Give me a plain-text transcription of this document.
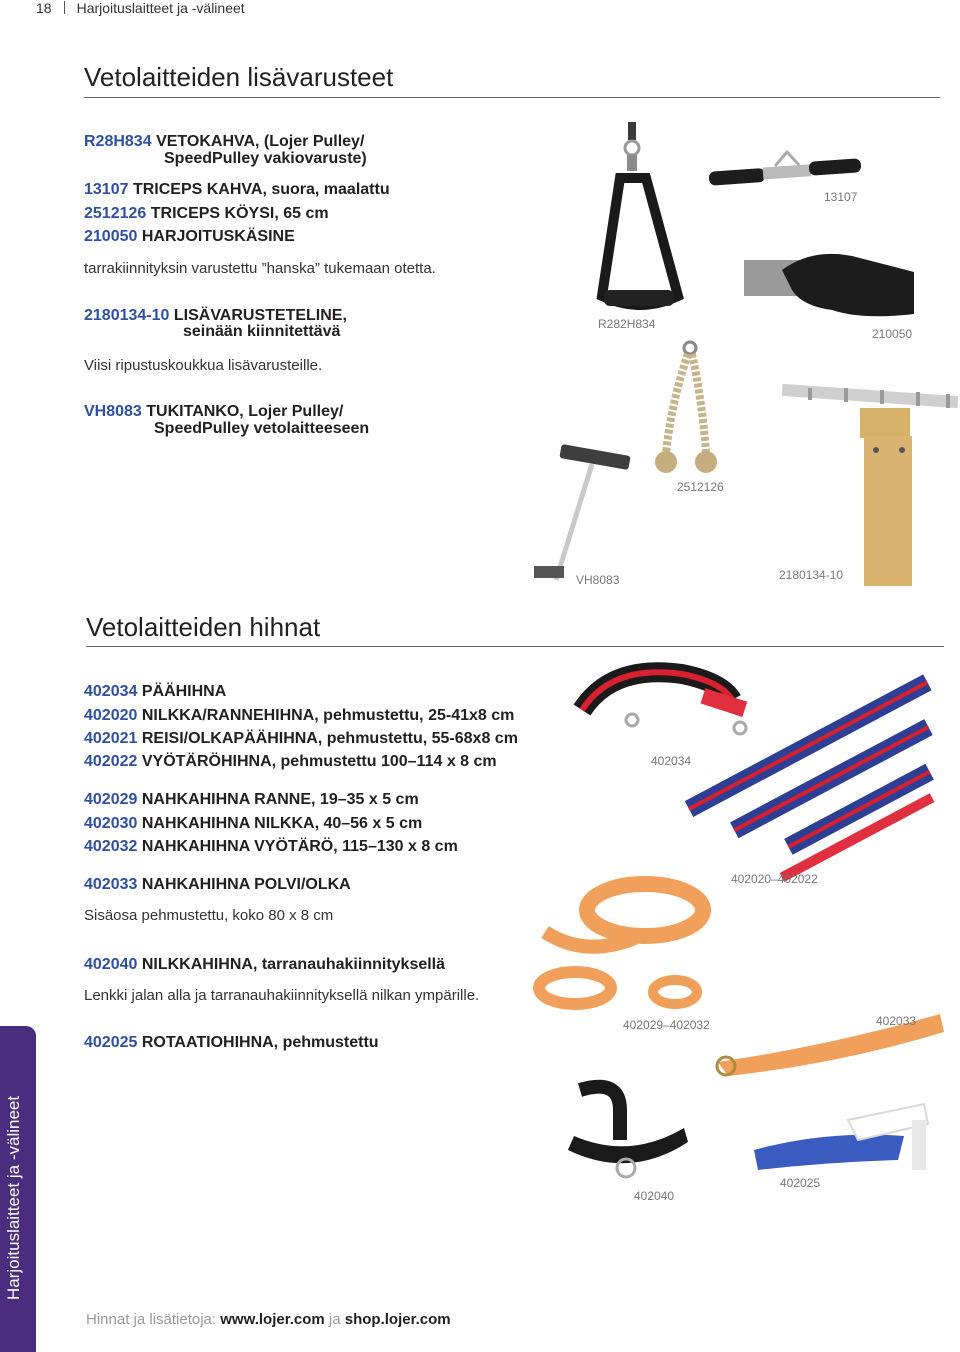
18 Harjoituslaitteet ja -välineet
Vetolaitteiden lisävarusteet
R28H834 VETOKAHVA, (Lojer Pulley/
SpeedPulley vakiovaruste)
13107 TRICEPS KAHVA, suora, maalattu
2512126 TRICEPS KÖYSI, 65 cm
210050 HARJOITUSKÄSINE
tarrakiinnityksin varustettu ”hanska” tukemaan otetta.
2180134-10 LISÄVARUSTETELINE,
seinään kiinnitettävä
Viisi ripustuskoukkua lisävarusteille.
VH8083 TUKITANKO, Lojer Pulley/
SpeedPulley vetolaitteeseen
13107
R282H834
210050
2512126
VH8083	2180134-10
Vetolaitteiden hihnat
402034 PÄÄHIHNA
402020 NILKKA/RANNEHIHNA, pehmustettu, 25-41x8 cm
402021 REISI/OLKAPÄÄHIHNA, pehmustettu, 55-68x8 cm
402022 VYÖTÄRÖHIHNA, pehmustettu 100–114 x 8 cm
402029 NAHKAHIHNA RANNE, 19–35 x 5 cm
402030 NAHKAHIHNA NILKKA, 40–56 x 5 cm
402032 NAHKAHIHNA VYÖTÄRÖ, 115–130 x 8 cm
402033 NAHKAHIHNA POLVI/OLKA
Sisäosa pehmustettu, koko 80 x 8 cm
402040 NILKKAHIHNA, tarranauhakiinnityksellä
Lenkki jalan alla ja tarranauhakiinnityksellä nilkan ympärille.
402025 ROTAATIOHIHNA, pehmustettu
402034
402020–402022
402029–402032	402033
402040
402025
Harjoituslaitteet ja -välineet
Hinnat ja lisätietoja: www.lojer.com ja shop.lojer.com
